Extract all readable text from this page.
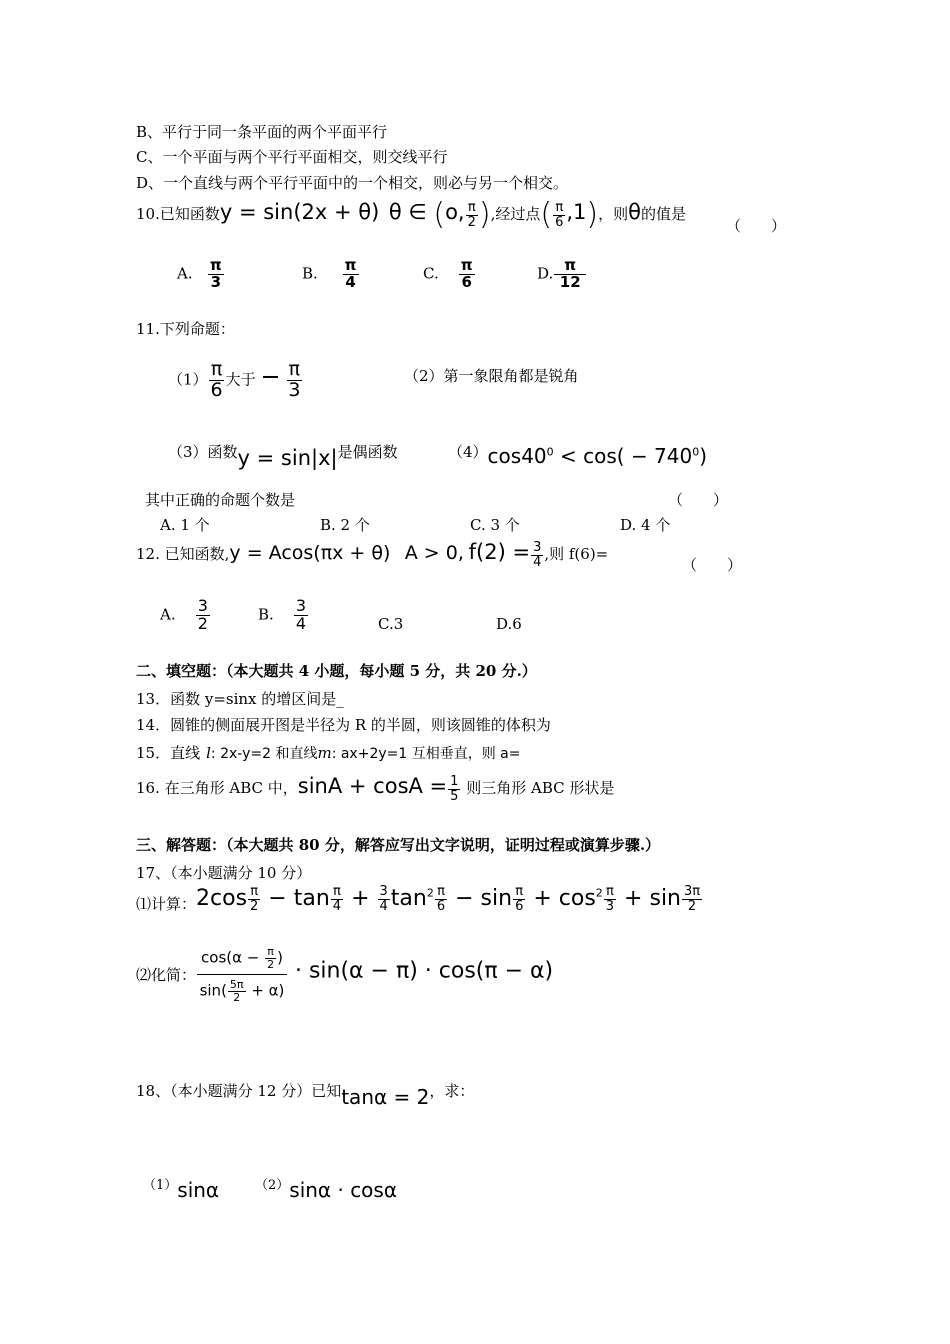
B、平行于同一条平面的两个平面平行
C、一个平面与两个平行平面相交，则交线平行
D、一个直线与两个平行平面中的一个相交，则必与另一个相交。
10.已知函数y = sin(2x + θ) θ ∈ (o, $\frac{\pi}{2}$ ),经过点( $\frac{\pi}{6} ,1$)，则θ的值是
（　　）
A. $\frac{\pi}{3}$	B. $\frac{\pi}{4}$	C. $\frac{\pi}{6}$	D. $\frac{\pi}{12}$
11.下列命题：
$(1) \frac{\pi}{6}$ 大于 − $\frac{\pi}{3}$	（2）第一象限角都是锐角
（3）函数y = sin|x|是偶函数	$(4)\cos 40^0 < \cos( - 740^0)$
其中正确的命题个数是	（　　）
A. 1 个	B. 2 个	C. 3 个	D. 4 个
12. 已知函数,y = Acos(πx + θ) A > 0, $f(2) = \frac{3}{4}$ ,则 f(6)=
（　　）
A. $\frac{3}{2}$	B. $\frac{3}{4}$	C.3	D.6
二、填空题：（本大题共 4 小题，每小题 5 分，共 20 分.）
13．函数 y=sinx 的增区间是_
14．圆锥的侧面展开图是半径为 R 的半圆，则该圆锥的体积为
15．直线 l: 2x-y=2 和直线m: ax+2y=1 互相垂直，则 a=
16. 在三角形 ABC 中，$\sin A + \cos A = \frac{1}{5}$ 则三角形 ABC 形状是
三、解答题：（本大题共 80 分，解答应写出文字说明，证明过程或演算步骤.）
17、（本小题满分 10 分）
⑴计算：$2\cos \frac{\pi}{2} - \tan \frac{\pi}{4} + \frac{3}{4} \tan^2 \frac{\pi}{6} - \sin \frac{\pi}{6} + \cos^2 \frac{\pi}{3} + \sin \frac{3\pi}{2}$
⑵化简： $\frac{\cos(\alpha - \frac{\pi}{2} )}{\sin( \frac{5\pi}{2} + \alpha)} \cdot \sin(\alpha - \pi) \cdot \cos(\pi - \alpha)$
18、（本小题满分 12 分）已知tanα = 2，求：
（1）sinα	（2）sinα · cosα
